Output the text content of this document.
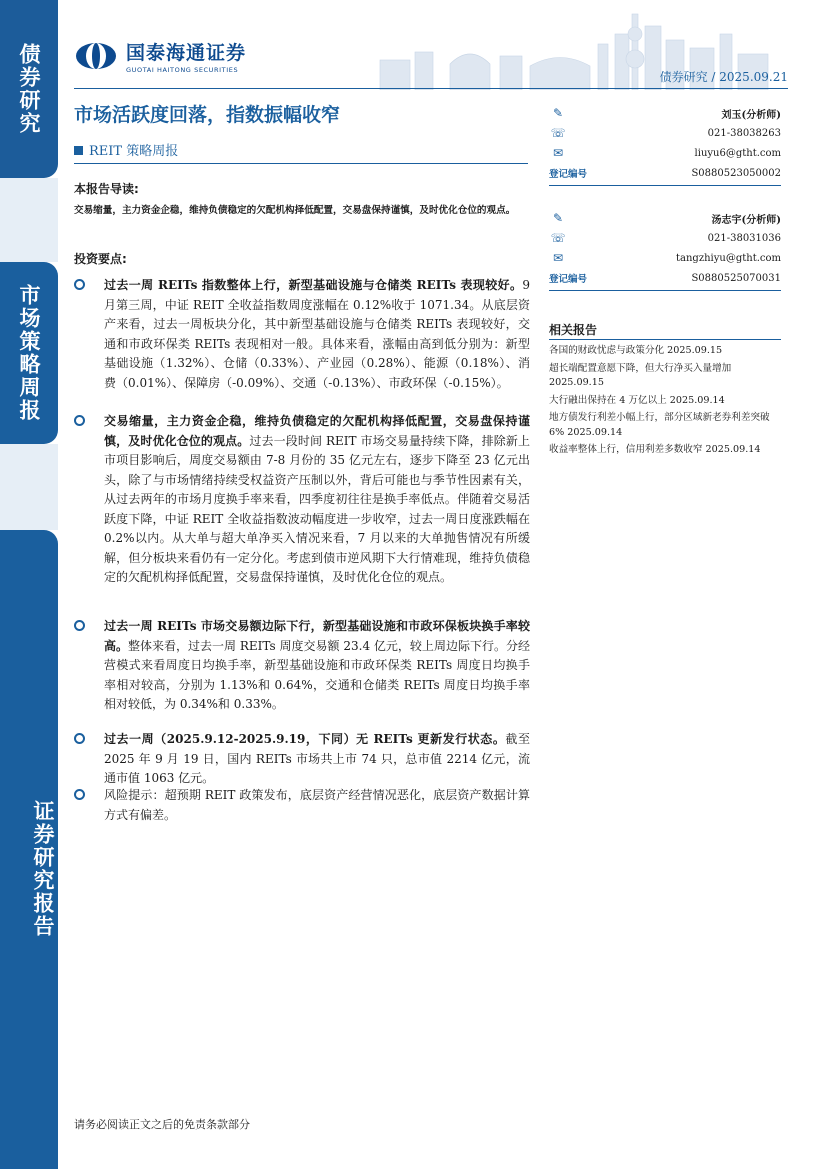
债券研究
市场策略周报
证券研究报告
国泰海通证券
GUOTAI HAITONG SECURITIES	债券研究 / 2025.09.21
市场活跃度回落，指数振幅收窄
REIT 策略周报
本报告导读:
交易缩量，主力资金企稳，维持负债稳定的欠配机构择低配置，交易盘保持谨慎，及时优化仓位的观点。
投资要点:
过去一周 REITs 指数整体上行，新型基础设施与仓储类 REITs 表现较好。9 月第三周，中证 REIT 全收益指数周度涨幅在 0.12%收于 1071.34。从底层资产来看，过去一周板块分化，其中新型基础设施与仓储类 REITs 表现较好，交通和市政环保类 REITs 表现相对一般。具体来看，涨幅由高到低分别为：新型基础设施（1.32%）、仓储（0.33%）、产业园（0.28%）、能源（0.18%）、消费（0.01%）、保障房（-0.09%）、交通（-0.13%）、市政环保（-0.15%）。
交易缩量，主力资金企稳，维持负债稳定的欠配机构择低配置，交易盘保持谨慎，及时优化仓位的观点。过去一段时间 REIT 市场交易量持续下降，排除新上市项目影响后，周度交易额由 7-8 月份的 35 亿元左右，逐步下降至 23 亿元出头，除了与市场情绪持续受权益资产压制以外，背后可能也与季节性因素有关，从过去两年的市场月度换手率来看，四季度初往往是换手率低点。伴随着交易活跃度下降，中证 REIT 全收益指数波动幅度进一步收窄，过去一周日度涨跌幅在 0.2%以内。从大单与超大单净买入情况来看，7 月以来的大单抛售情况有所缓解，但分板块来看仍有一定分化。考虑到债市逆风期下大行情难现，维持负债稳定的欠配机构择低配置，交易盘保持谨慎，及时优化仓位的观点。
过去一周 REITs 市场交易额边际下行，新型基础设施和市政环保板块换手率较高。整体来看，过去一周 REITs 周度交易额 23.4 亿元，较上周边际下行。分经营模式来看周度日均换手率，新型基础设施和市政环保类 REITs 周度日均换手率相对较高，分别为 1.13%和 0.64%，交通和仓储类 REITs 周度日均换手率相对较低，为 0.34%和 0.33%。
过去一周（2025.9.12-2025.9.19，下同）无 REITs 更新发行状态。截至 2025 年 9 月 19 日，国内 REITs 市场共上市 74 只，总市值 2214 亿元，流通市值 1063 亿元。
风险提示：超预期 REIT 政策发布，底层资产经营情况恶化，底层资产数据计算方式有偏差。
✎	刘玉(分析师)
☏	021-38038263
✉	liuyu6@gtht.com
登记编号	S0880523050002
✎	汤志宇(分析师)
☏	021-38031036
✉	tangzhiyu@gtht.com
登记编号	S0880525070031
相关报告
各国的财政忧虑与政策分化 2025.09.15
超长端配置意愿下降，但大行净买入量增加 2025.09.15
大行融出保持在 4 万亿以上 2025.09.14
地方债发行利差小幅上行，部分区域新老券利差突破 6% 2025.09.14
收益率整体上行，信用利差多数收窄 2025.09.14
请务必阅读正文之后的免责条款部分
